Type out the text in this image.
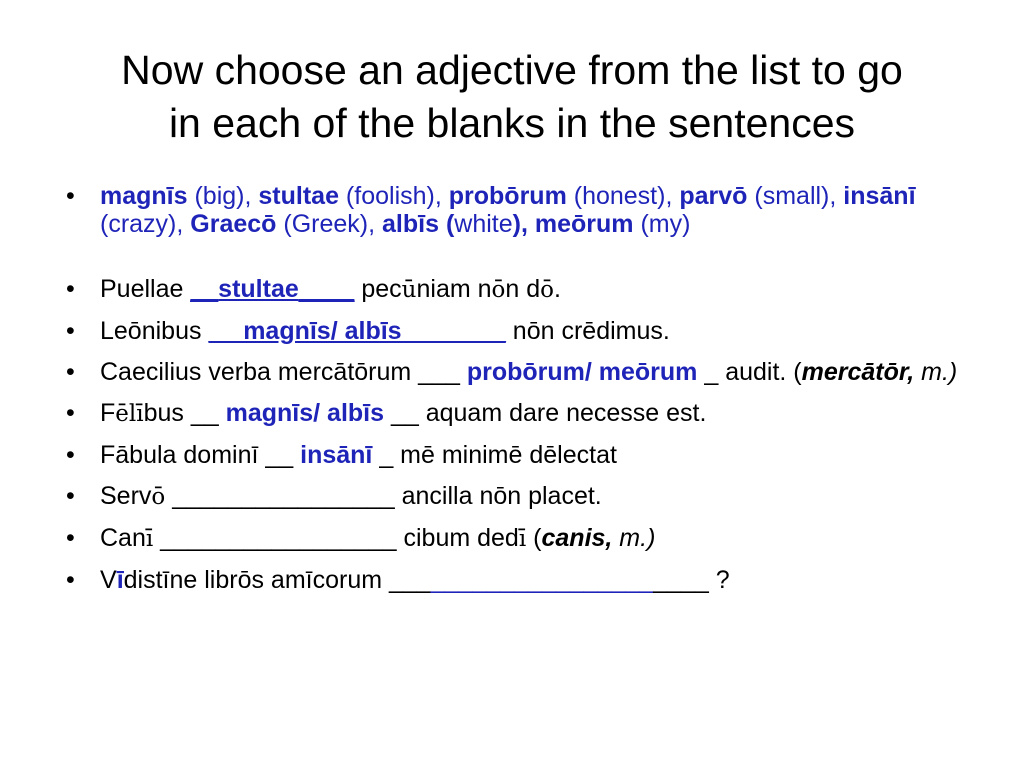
Now choose an adjective from the list to go
in each of the blanks in the sentences
• magnīs (big), stultae (foolish), probōrum (honest), parvō (small), insānī (crazy), Graecō (Greek), albīs (white), meōrum (my)
• Puellae __stultae____ pecūniam nōn dō.
• Leōnibus __ magnīs/ albīs _______ nōn crēdimus.
• Caecilius verba mercātōrum ___ probōrum/ meōrum _ audit. (mercātōr, m.)
• Fēlībus __ magnīs/ albīs __ aquam dare necesse est.
• Fābula dominī __ insānī _ mē minimē dēlectat
• Servō ________________ ancilla nōn placet.
• Canī _________________ cibum dedī (canis, m.)
• Vīdistīne librōs amīcorum _______________________ ?
